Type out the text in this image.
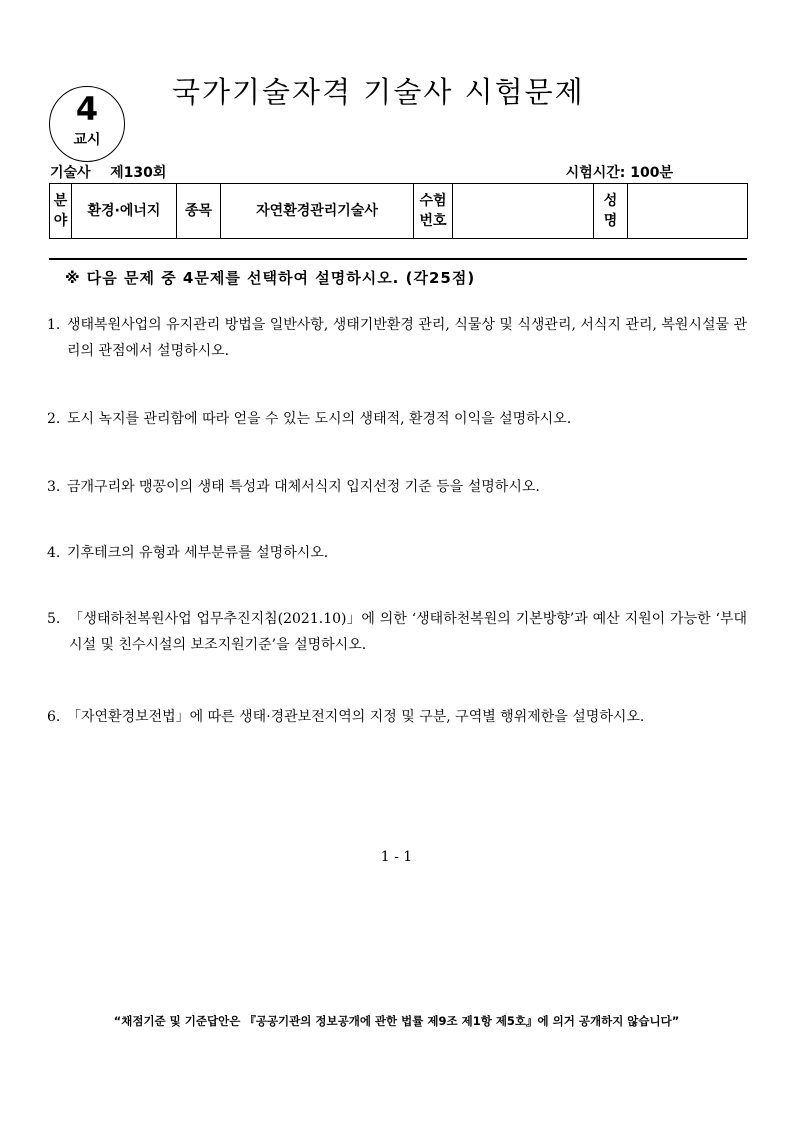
4
교시
국가기술자격 기술사 시험문제
기술사 제130회	시험시간: 100분
분야	환경·에너지	종목	자연환경관리기술사	수험번호		성명	
※ 다음 문제 중 4문제를 선택하여 설명하시오. (각25점)
1. 생태복원사업의 유지관리 방법을 일반사항, 생태기반환경 관리, 식물상 및 식생관리, 서식지 관리, 복원시설물 관리의 관점에서 설명하시오.
2. 도시 녹지를 관리함에 따라 얻을 수 있는 도시의 생태적, 환경적 이익을 설명하시오.
3. 금개구리와 맹꽁이의 생태 특성과 대체서식지 입지선정 기준 등을 설명하시오.
4. 기후테크의 유형과 세부분류를 설명하시오.
5. 「생태하천복원사업 업무추진지침(2021.10)」에 의한 ‘생태하천복원의 기본방향’과 예산 지원이 가능한 ‘부대시설 및 친수시설의 보조지원기준’을 설명하시오.
6. 「자연환경보전법」에 따른 생태·경관보전지역의 지정 및 구분, 구역별 행위제한을 설명하시오.
1 - 1
“채점기준 및 기준답안은 『공공기관의 정보공개에 관한 법률 제9조 제1항 제5호』에 의거 공개하지 않습니다”
